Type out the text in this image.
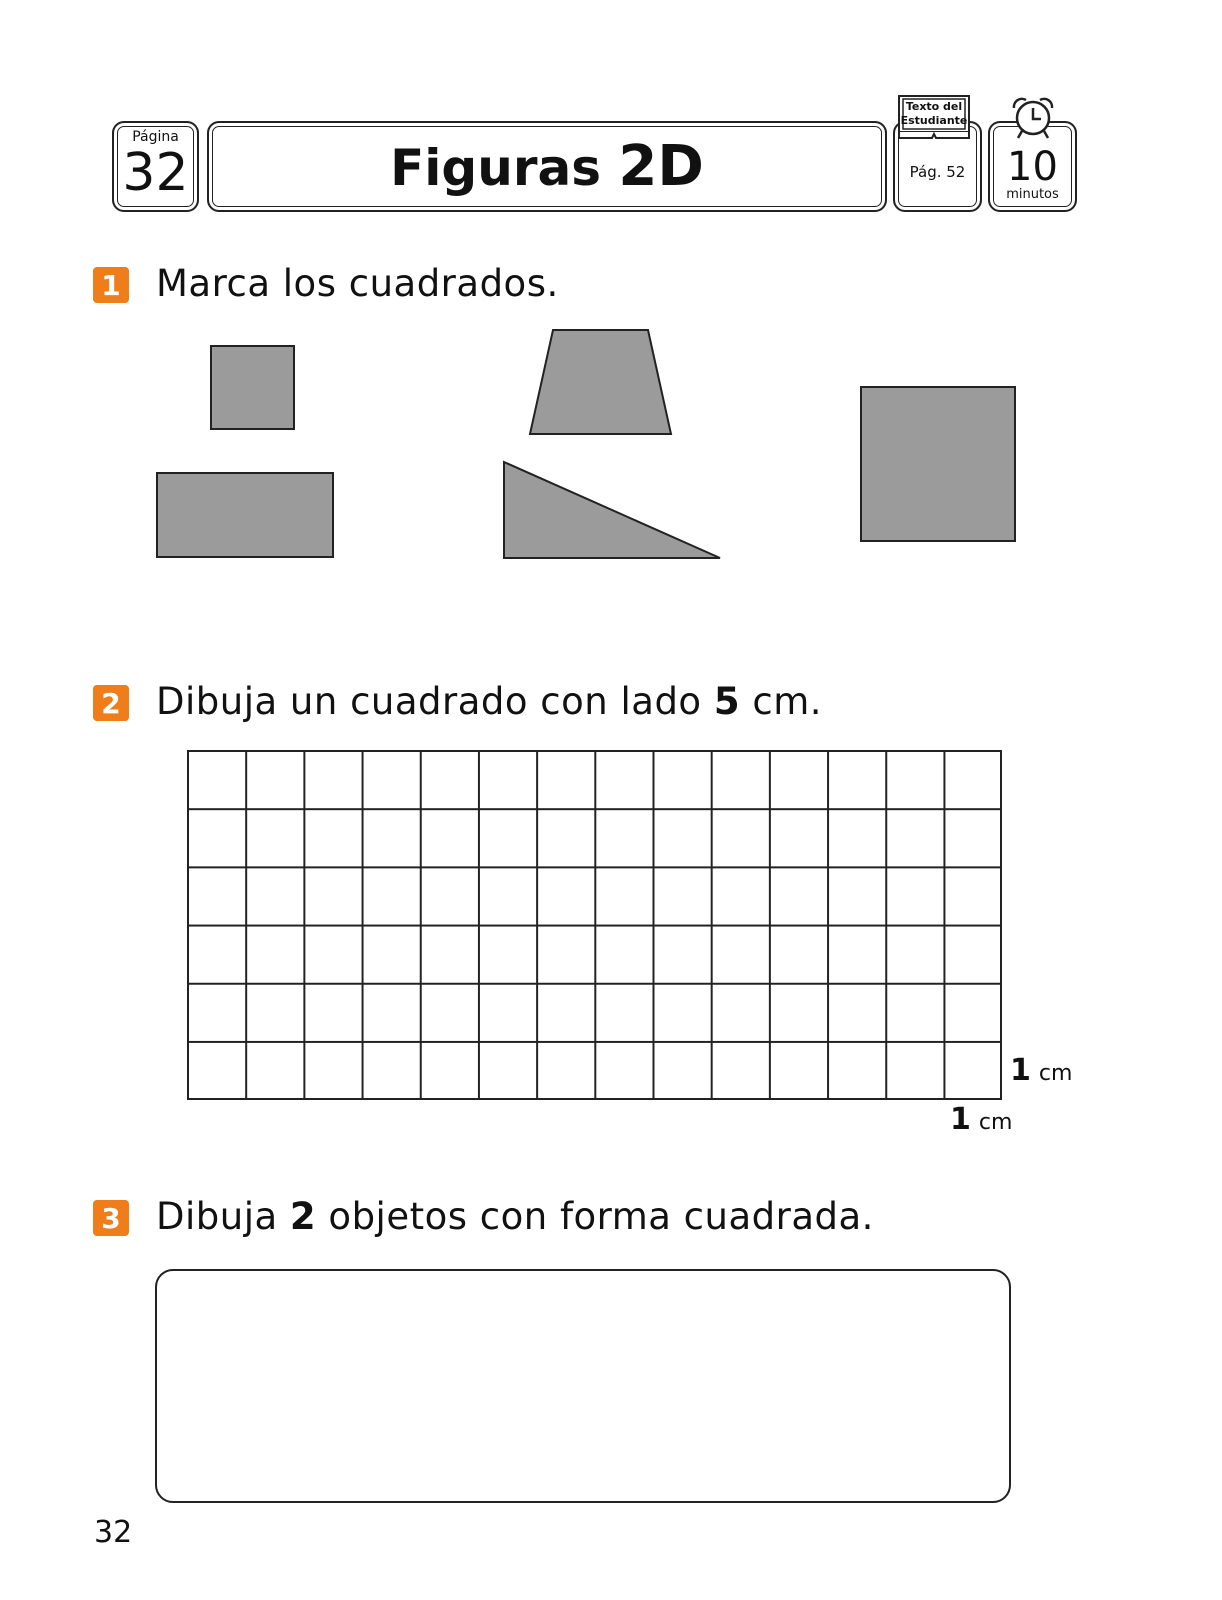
Página
32	Figuras 2D	Pág. 52
Texto del
Estudiante
10
minutos
1 Marca los cuadrados.
2 Dibuja un cuadrado con lado 5 cm.
1 cm
1 cm
3 Dibuja 2 objetos con forma cuadrada.
32
